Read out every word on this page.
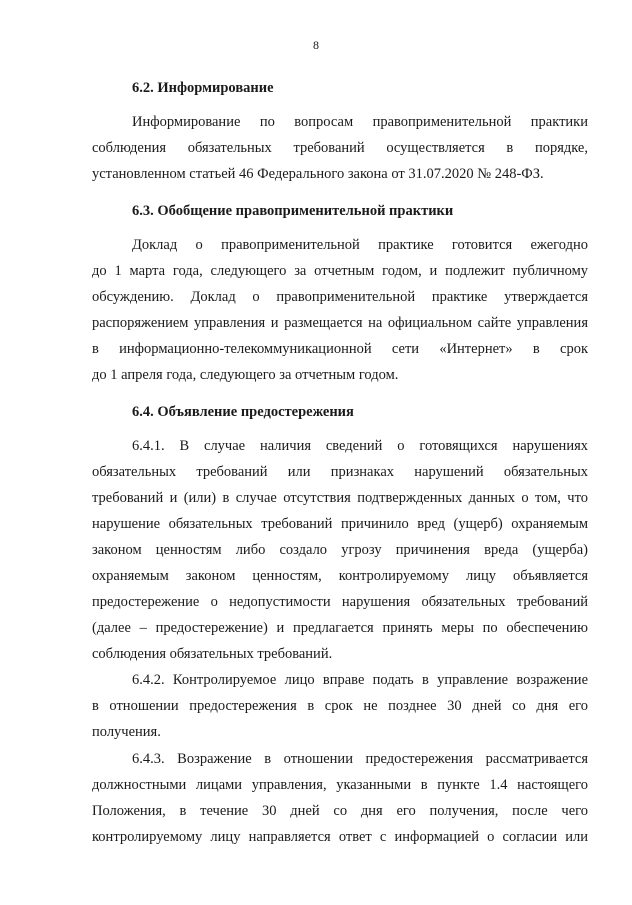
8
6.2. Информирование
Информирование по вопросам правоприменительной практики
соблюдения обязательных требований осуществляется в порядке,
установленном статьей 46 Федерального закона от 31.07.2020 № 248-ФЗ.
6.3. Обобщение правоприменительной практики
Доклад о правоприменительной практике готовится ежегодно
до 1 марта года, следующего за отчетным годом, и подлежит публичному
обсуждению. Доклад о правоприменительной практике утверждается
распоряжением управления и размещается на официальном сайте управления
в информационно-телекоммуникационной сети «Интернет» в срок
до 1 апреля года, следующего за отчетным годом.
6.4. Объявление предостережения
6.4.1. В случае наличия сведений о готовящихся нарушениях
обязательных требований или признаках нарушений обязательных
требований и (или) в случае отсутствия подтвержденных данных о том, что
нарушение обязательных требований причинило вред (ущерб) охраняемым
законом ценностям либо создало угрозу причинения вреда (ущерба)
охраняемым законом ценностям, контролируемому лицу объявляется
предостережение о недопустимости нарушения обязательных требований
(далее – предостережение) и предлагается принять меры по обеспечению
соблюдения обязательных требований.
6.4.2. Контролируемое лицо вправе подать в управление возражение
в отношении предостережения в срок не позднее 30 дней со дня его
получения.
6.4.3. Возражение в отношении предостережения рассматривается
должностными лицами управления, указанными в пункте 1.4 настоящего
Положения, в течение 30 дней со дня его получения, после чего
контролируемому лицу направляется ответ с информацией о согласии или
